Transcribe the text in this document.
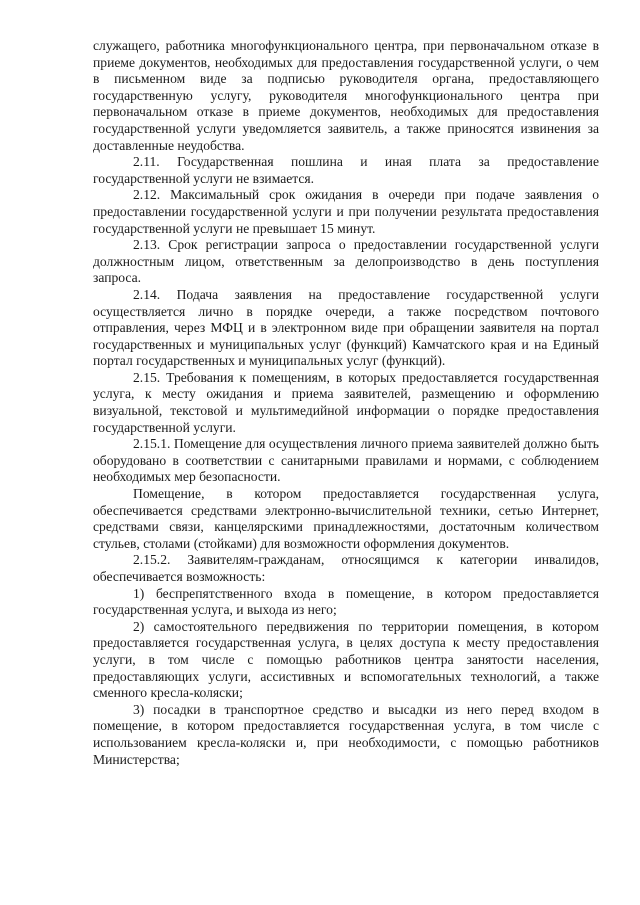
служащего, работника многофункционального центра, при первоначальном отказе в приеме документов, необходимых для предоставления государственной услуги, о чем в письменном виде за подписью руководителя органа, предоставляющего государственную услугу, руководителя многофункционального центра при первоначальном отказе в приеме документов, необходимых для предоставления государственной услуги уведомляется заявитель, а также приносятся извинения за доставленные неудобства.

2.11. Государственная пошлина и иная плата за предоставление государственной услуги не взимается.

2.12. Максимальный срок ожидания в очереди при подаче заявления о предоставлении государственной услуги и при получении результата предоставления государственной услуги не превышает 15 минут.

2.13. Срок регистрации запроса о предоставлении государственной услуги должностным лицом, ответственным за делопроизводство в день поступления запроса.

2.14. Подача заявления на предоставление государственной услуги осуществляется лично в порядке очереди, а также посредством почтового отправления, через МФЦ и в электронном виде при обращении заявителя на портал государственных и муниципальных услуг (функций) Камчатского края и на Единый портал государственных и муниципальных услуг (функций).

2.15. Требования к помещениям, в которых предоставляется государственная услуга, к месту ожидания и приема заявителей, размещению и оформлению визуальной, текстовой и мультимедийной информации о порядке предоставления государственной услуги.

2.15.1. Помещение для осуществления личного приема заявителей должно быть оборудовано в соответствии с санитарными правилами и нормами, с соблюдением необходимых мер безопасности.

Помещение, в котором предоставляется государственная услуга, обеспечивается средствами электронно-вычислительной техники, сетью Интернет, средствами связи, канцелярскими принадлежностями, достаточным количеством стульев, столами (стойками) для возможности оформления документов.

2.15.2. Заявителям-гражданам, относящимся к категории инвалидов, обеспечивается возможность:

1) беспрепятственного входа в помещение, в котором предоставляется государственная услуга, и выхода из него;

2) самостоятельного передвижения по территории помещения, в котором предоставляется государственная услуга, в целях доступа к месту предоставления услуги, в том числе с помощью работников центра занятости населения, предоставляющих услуги, ассистивных и вспомогательных технологий, а также сменного кресла-коляски;

3) посадки в транспортное средство и высадки из него перед входом в помещение, в котором предоставляется государственная услуга, в том числе с использованием кресла-коляски и, при необходимости, с помощью работников Министерства;
